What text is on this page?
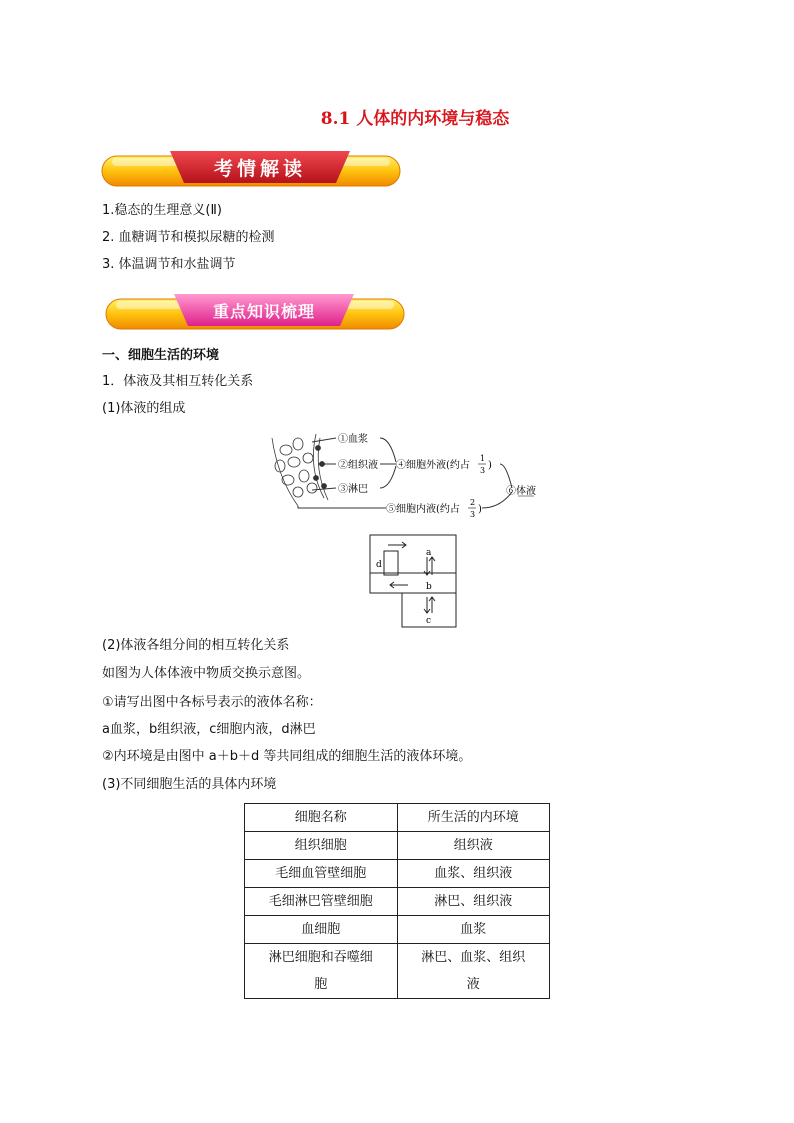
8.1 人体的内环境与稳态
考情解读
1.稳态的生理意义(Ⅱ)
2. 血糖调节和模拟尿糖的检测
3. 体温调节和水盐调节
重点知识梳理
一、细胞生活的环境
1．体液及其相互转化关系
(1)体液的组成
①血浆
②组织液
③淋巴
④细胞外液(约占
1
3 )
⑤细胞内液(约占
2
3 )
⑥体液
a
b
c
d
(2)体液各组分间的相互转化关系
如图为人体体液中物质交换示意图。
①请写出图中各标号表示的液体名称：
a血浆，b组织液，c细胞内液，d淋巴
②内环境是由图中 a＋b＋d 等共同组成的细胞生活的液体环境。
(3)不同细胞生活的具体内环境
细胞名称	所生活的内环境
组织细胞	组织液
毛细血管壁细胞	血浆、组织液
毛细淋巴管壁细胞	淋巴、组织液
血细胞	血浆
淋巴细胞和吞噬细胞	淋巴、血浆、组织液
